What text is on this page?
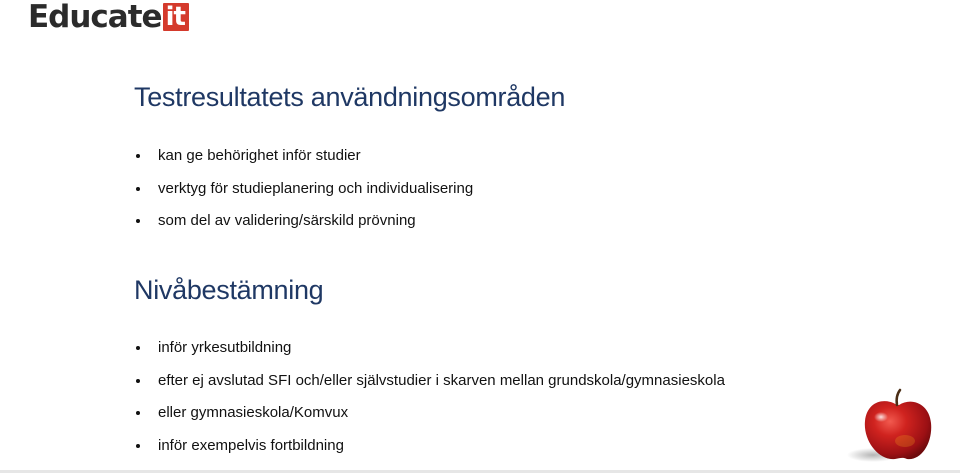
Educate it
Testresultatets användningsområden
kan ge behörighet inför studier
verktyg för studieplanering och individualisering
som del av validering/särskild prövning
Nivåbestämning
inför yrkesutbildning
efter ej avslutad SFI och/eller självstudier i skarven mellan grundskola/gymnasieskola
eller gymnasieskola/Komvux
inför exempelvis fortbildning
